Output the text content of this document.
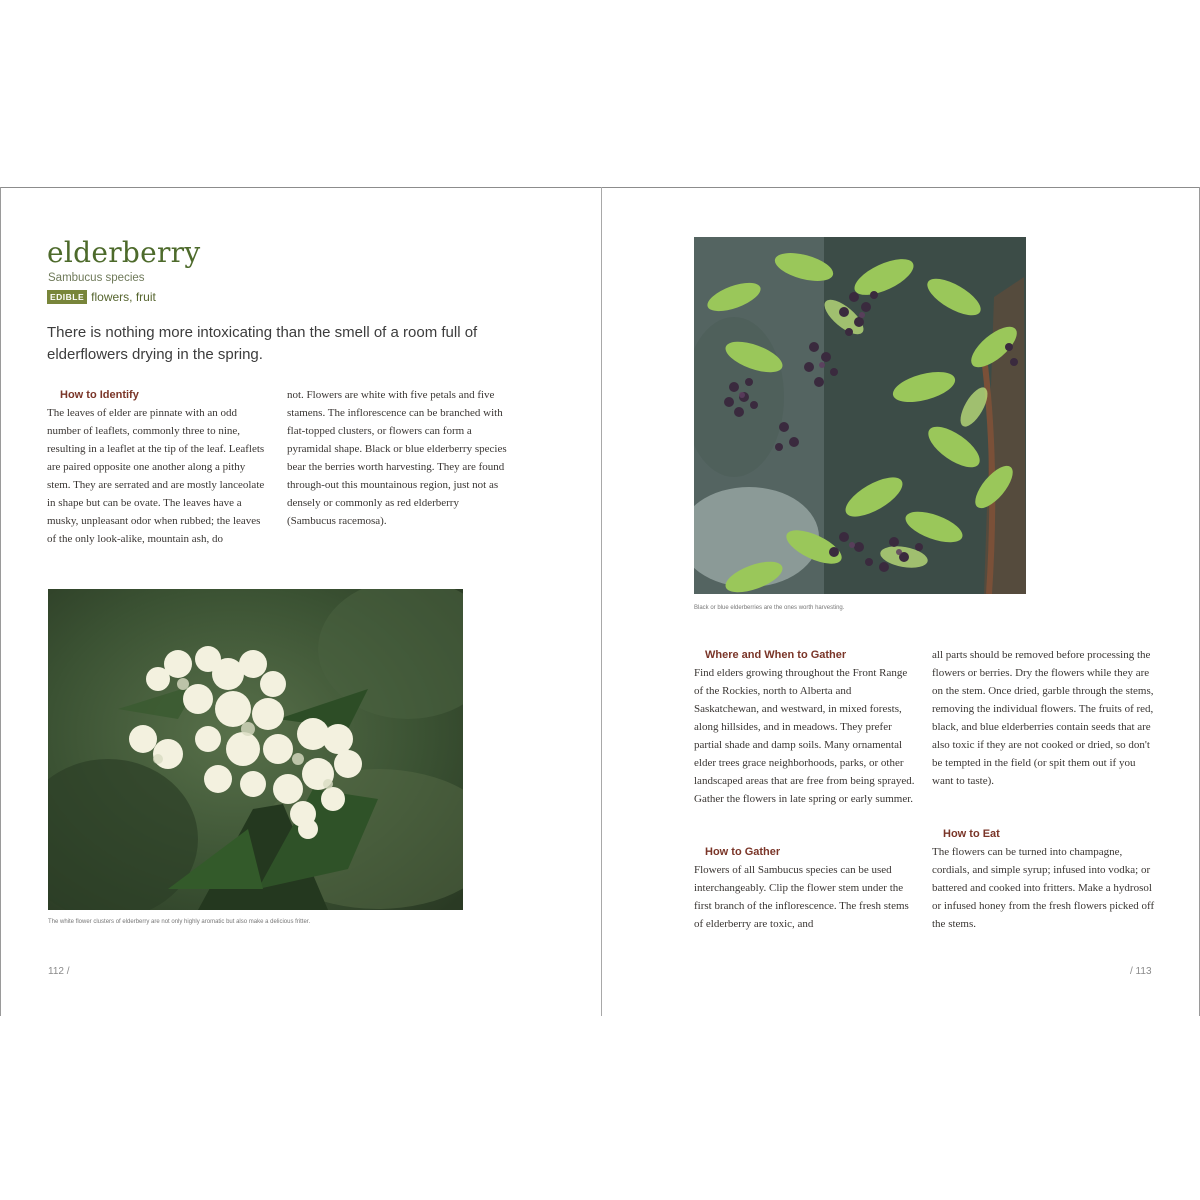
elderberry
Sambucus species
EDIBLE flowers, fruit

There is nothing more intoxicating than the smell of a room full of elderflowers drying in the spring.

How to Identify

The leaves of elder are pinnate with an odd number of leaflets, commonly three to nine, resulting in a leaflet at the tip of the leaf. Leaflets are paired opposite one another along a pithy stem. They are serrated and are mostly lanceolate in shape but can be ovate. The leaves have a musky, unpleasant odor when rubbed; the leaves of the only look-alike, mountain ash, do

not. Flowers are white with five petals and five stamens. The inflorescence can be branched with flat-topped clusters, or flowers can form a pyramidal shape. Black or blue elderberry species bear the berries worth harvesting. They are found through-out this mountainous region, just not as densely or commonly as red elderberry (Sambucus racemosa).

The white flower clusters of elderberry are not only highly aromatic but also make a delicious fritter.
112 /
Black or blue elderberries are the ones worth harvesting.
Where and When to Gather

Find elders growing throughout the Front Range of the Rockies, north to Alberta and Saskatchewan, and westward, in mixed forests, along hillsides, and in meadows. They prefer partial shade and damp soils. Many ornamental elder trees grace neighborhoods, parks, or other landscaped areas that are free from being sprayed. Gather the flowers in late spring or early summer.

How to Gather

Flowers of all Sambucus species can be used interchangeably. Clip the flower stem under the first branch of the inflorescence. The fresh stems of elderberry are toxic, and

all parts should be removed before processing the flowers or berries. Dry the flowers while they are on the stem. Once dried, garble through the stems, removing the individual flowers. The fruits of red, black, and blue elderberries contain seeds that are also toxic if they are not cooked or dried, so don't be tempted in the field (or spit them out if you want to taste).

How to Eat

The flowers can be turned into champagne, cordials, and simple syrup; infused into vodka; or battered and cooked into fritters. Make a hydrosol or infused honey from the fresh flowers picked off the stems.

/ 113
